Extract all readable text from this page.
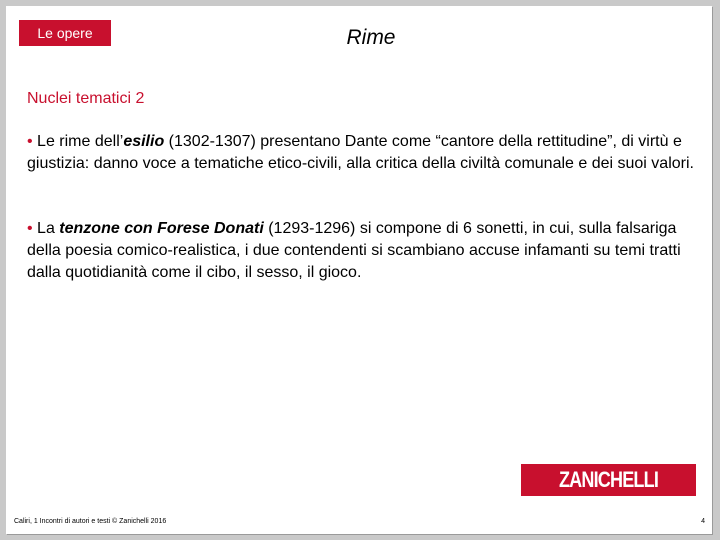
Le opere	Rime
Nuclei tematici 2
• Le rime dell’esilio (1302-1307) presentano Dante come “cantore della rettitudine”, di virtù e giustizia: danno voce a tematiche etico-civili, alla critica della civiltà comunale e dei suoi valori.
• La tenzone con Forese Donati (1293-1296) si compone di 6 sonetti, in cui, sulla falsariga della poesia comico-realistica, i due contendenti si scambiano accuse infamanti su temi tratti dalla quotidianità come il cibo, il sesso, il gioco.
ZANICHELLI
Caliri, 1 Incontri di autori e testi © Zanichelli 2016	4
